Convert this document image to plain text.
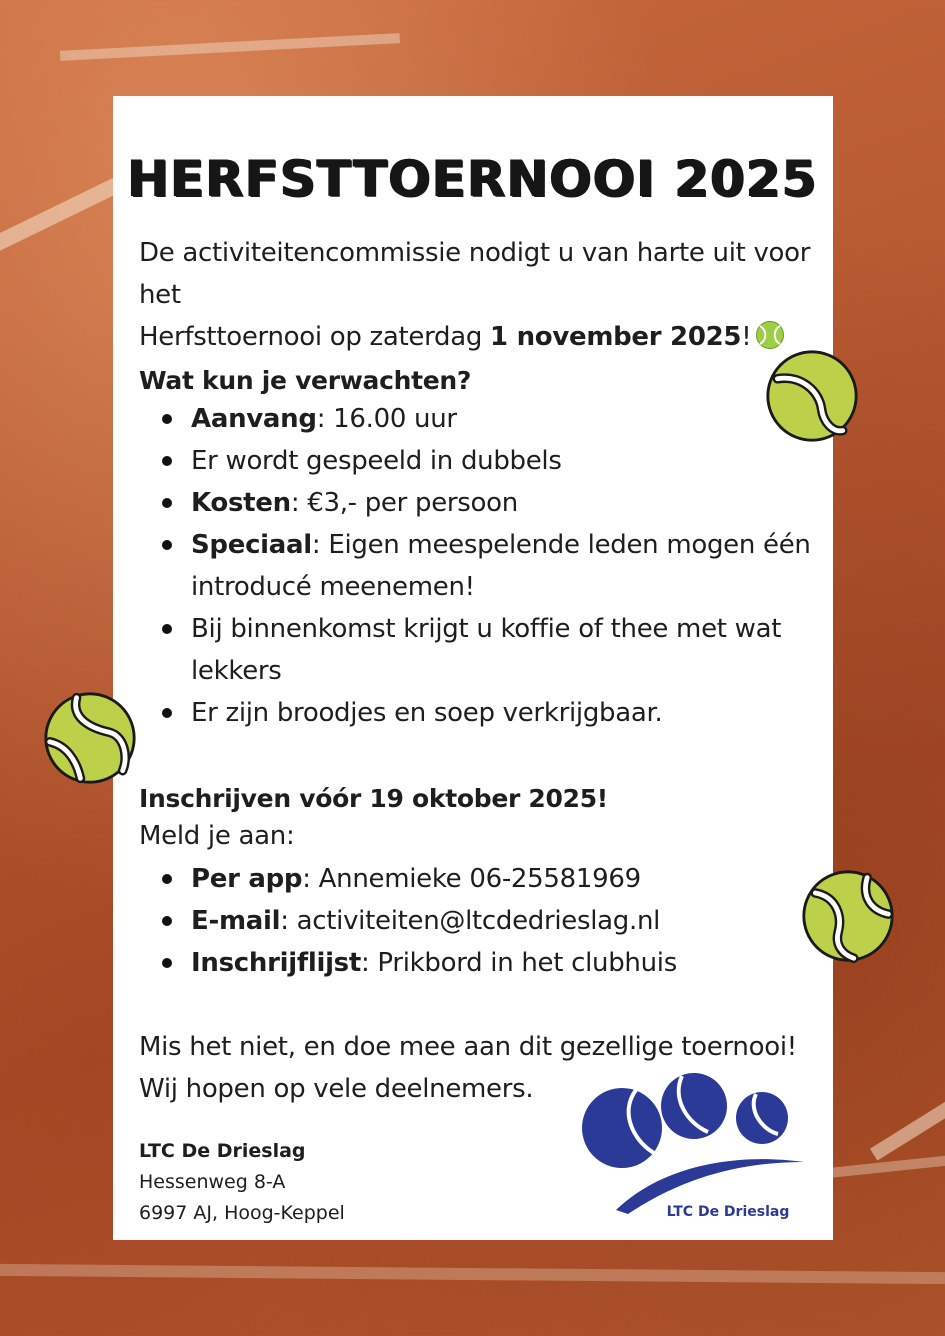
HERFSTTOERNOOI 2025
De activiteitencommissie nodigt u van harte uit voor het
Herfsttoernooi op zaterdag 1 november 2025!
Wat kun je verwachten?
Aanvang: 16.00 uur
Er wordt gespeeld in dubbels
Kosten: €3,- per persoon
Speciaal: Eigen meespelende leden mogen één introducé meenemen!
Bij binnenkomst krijgt u koffie of thee met wat lekkers
Er zijn broodjes en soep verkrijgbaar.
Inschrijven vóór 19 oktober 2025!
Meld je aan:
Per app: Annemieke 06-25581969
E-mail: activiteiten@ltcdedrieslag.nl
Inschrijflijst: Prikbord in het clubhuis
Mis het niet, en doe mee aan dit gezellige toernooi!
Wij hopen op vele deelnemers.
LTC De Drieslag
Hessenweg 8-A
6997 AJ, Hoog-Keppel	LTC De Drieslag
